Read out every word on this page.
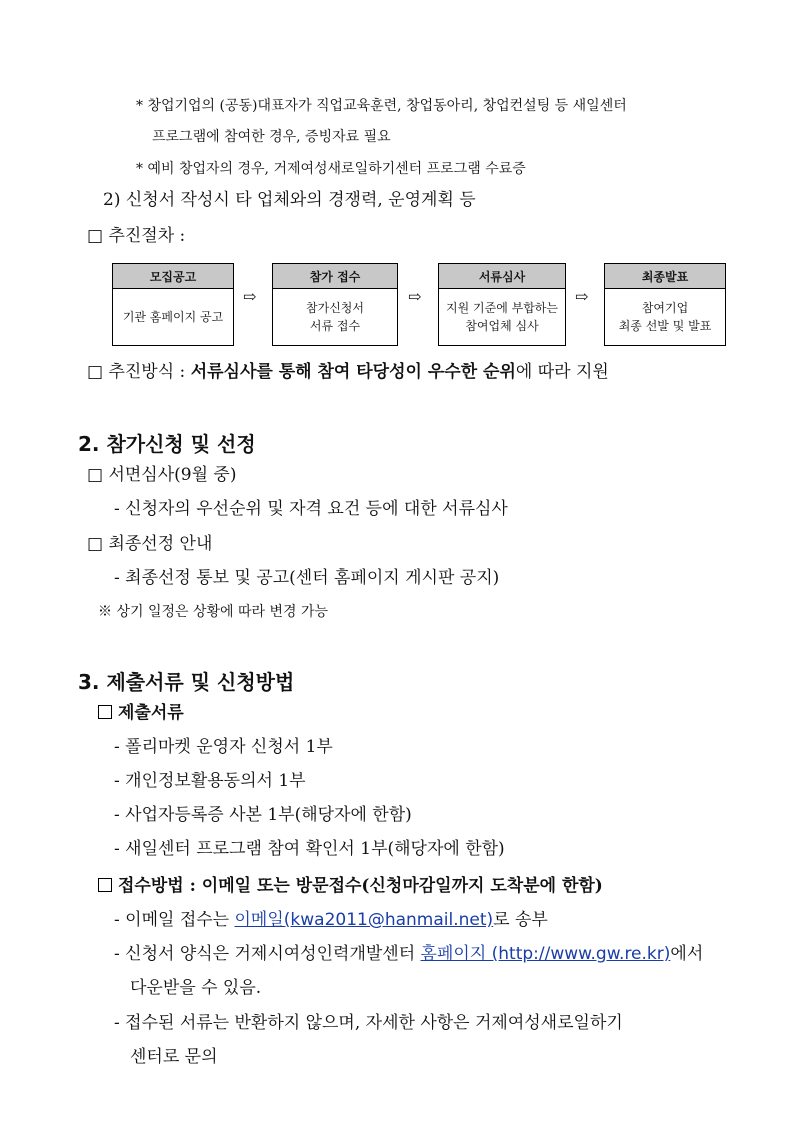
* 창업기업의 (공동)대표자가 직업교육훈련, 창업동아리, 창업컨설팅 등 새일센터
프로그램에 참여한 경우, 증빙자료 필요
* 예비 창업자의 경우, 거제여성새로일하기센터 프로그램 수료증
2) 신청서 작성시 타 업체와의 경쟁력, 운영계획 등
□ 추진절차 :
모집공고
기관 홈페이지 공고
⇨
참가 접수
참가신청서
서류 접수
⇨
서류심사
지원 기준에 부합하는
참여업체 심사
⇨
최종발표
참여기업
최종 선발 및 발표
□ 추진방식 : 서류심사를 통해 참여 타당성이 우수한 순위에 따라 지원
2. 참가신청 및 선정
□ 서면심사(9월 중)
- 신청자의 우선순위 및 자격 요건 등에 대한 서류심사
□ 최종선정 안내
- 최종선정 통보 및 공고(센터 홈페이지 게시판 공지)
※ 상기 일정은 상황에 따라 변경 가능
3. 제출서류 및 신청방법
제출서류
- 폴리마켓 운영자 신청서 1부
- 개인정보활용동의서 1부
- 사업자등록증 사본 1부(해당자에 한함)
- 새일센터 프로그램 참여 확인서 1부(해당자에 한함)
접수방법 : 이메일 또는 방문접수(신청마감일까지 도착분에 한함)
- 이메일 접수는 이메일(kwa2011@hanmail.net)로 송부
- 신청서 양식은 거제시여성인력개발센터 홈페이지 (http://www.gw.re.kr)에서
다운받을 수 있음.
- 접수된 서류는 반환하지 않으며, 자세한 사항은 거제여성새로일하기
센터로 문의
